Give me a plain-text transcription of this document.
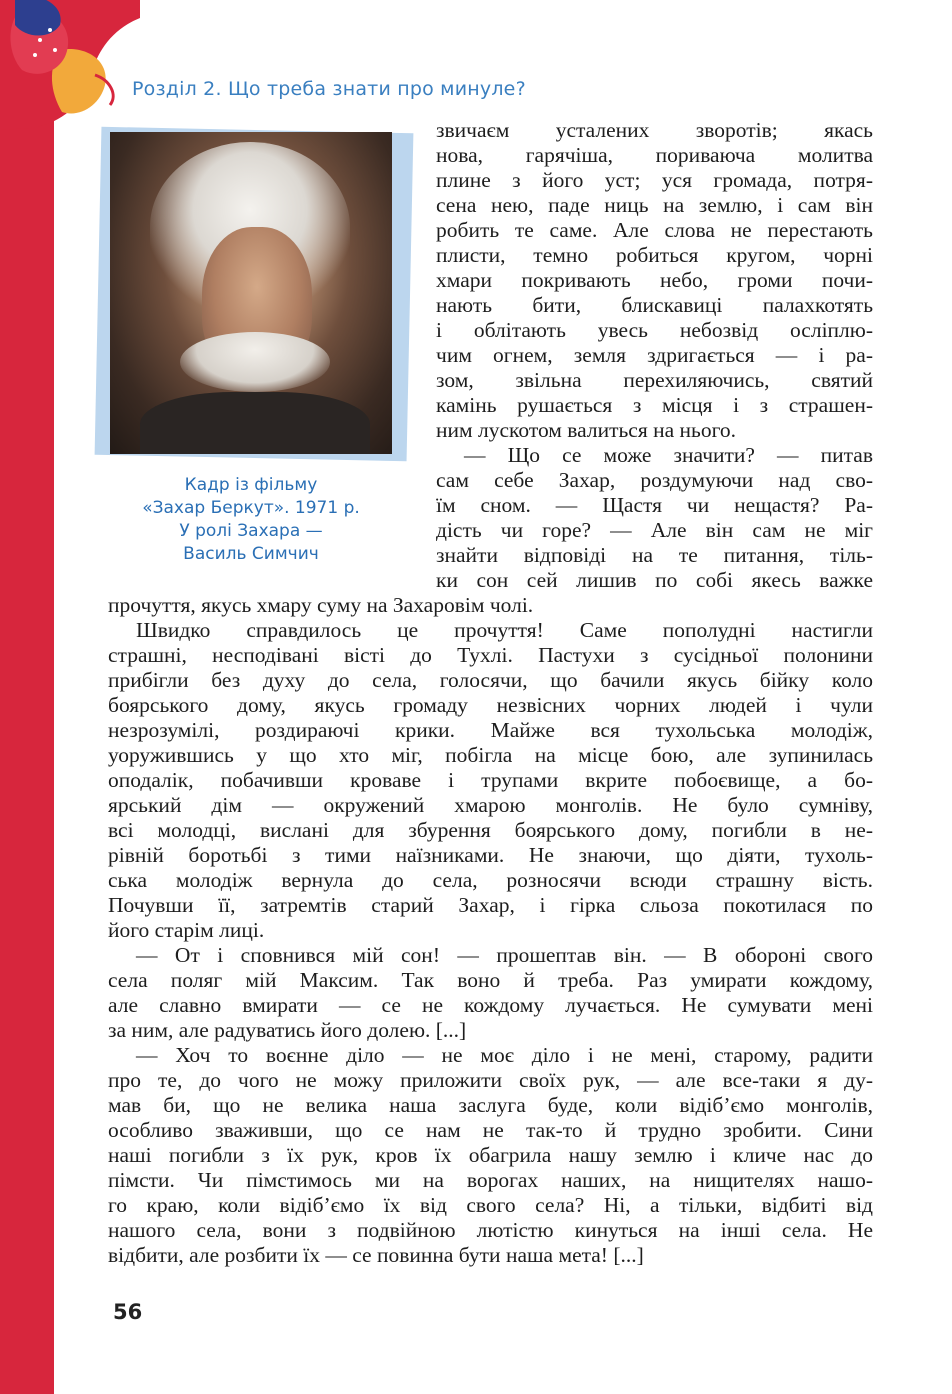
Розділ 2. Що треба знати про минуле?
Кадр із фільму
«Захар Беркут». 1971 р.
У ролі Захара —
Василь Симчич
звичаєм усталених зворотів; якась
нова, гарячіша, пориваюча молитва
плине з його уст; уся громада, потря-
сена нею, паде ниць на землю, і сам він
робить те саме. Але слова не перестають
плисти, темно робиться кругом, чорні
хмари покривають небо, громи почи-
нають бити, блискавиці палахкотять
і облітають увесь небозвід осліплю-
чим огнем, земля здригається — і ра-
зом, звільна перехиляючись, святий
камінь рушається з місця і з страшен-
ним лускотом валиться на нього.
— Що се може значити? — питав
сам себе Захар, роздумуючи над сво-
їм сном. — Щастя чи нещастя? Ра-
дість чи горе? — Але він сам не міг
знайти відповіді на те питання, тіль-
ки сон сей лишив по собі якесь важке
прочуття, якусь хмару суму на Захаровім чолі.
Швидко справдилось це прочуття! Саме пополудні настигли
страшні, несподівані вісті до Тухлі. Пастухи з сусідньої полонини
прибігли без духу до села, голосячи, що бачили якусь бійку коло
боярського дому, якусь громаду незвісних чорних людей і чули
незрозумілі, роздираючі крики. Майже вся тухольська молодіж,
уоружившись у що хто міг, побігла на місце бою, але зупинилась
оподалік, побачивши кроваве і трупами вкрите побоєвище, а бо-
ярський дім — окружений хмарою монголів. Не було сумніву,
всі молодці, вислані для збурення боярського дому, погибли в не-
рівній боротьбі з тими наїзниками. Не знаючи, що діяти, тухоль-
ська молодіж вернула до села, розносячи всюди страшну вість.
Почувши її, затремтів старий Захар, і гірка сльоза покотилася по
його старім лиці.
— От і сповнився мій сон! — прошептав він. — В обороні свого
села поляг мій Максим. Так воно й треба. Раз умирати кождому,
але славно вмирати — се не кождому лучається. Не сумувати мені
за ним, але радуватись його долею. [...]
— Хоч то воєнне діло — не моє діло і не мені, старому, радити
про те, до чого не можу приложити своїх рук, — але все-таки я ду-
мав би, що не велика наша заслуга буде, коли відіб’ємо монголів,
особливо зваживши, що се нам не так-то й трудно зробити. Сини
наші погибли з їх рук, кров їх обагрила нашу землю і кличе нас до
пімсти. Чи пімстимось ми на ворогах наших, на нищителях нашо-
го краю, коли відіб’ємо їх від свого села? Ні, а тільки, відбиті від
нашого села, вони з подвійною лютістю кинуться на інші села. Не
відбити, але розбити їх — се повинна бути наша мета! [...]
56
